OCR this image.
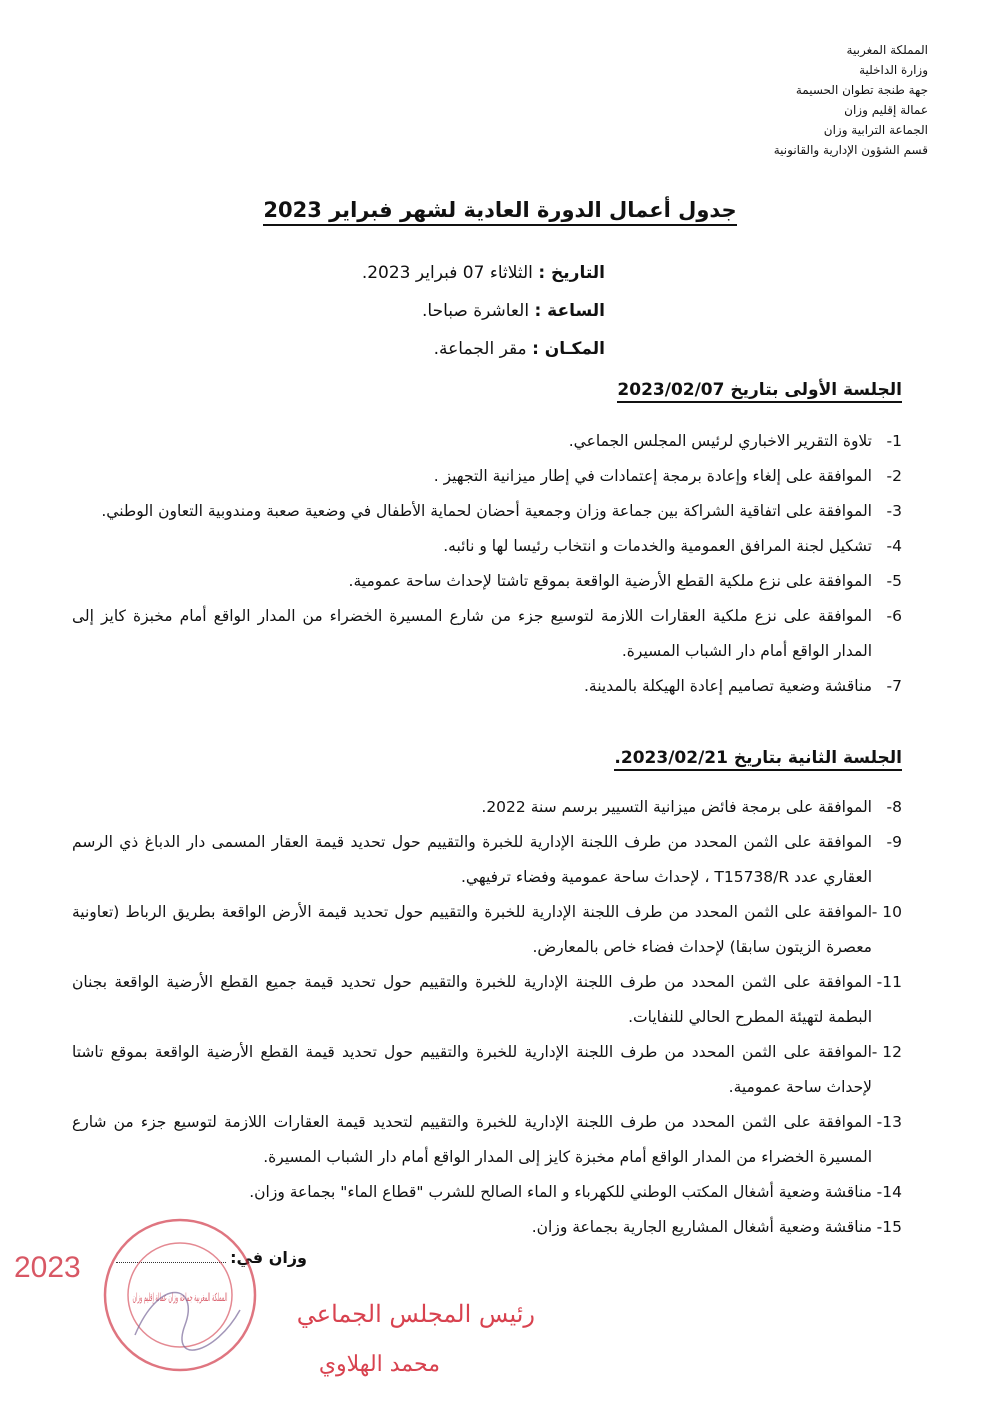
المملكة المغربية
وزارة الداخلية
جهة طنجة تطوان الحسيمة
عمالة إقليم وزان
الجماعة الترابية وزان
قسم الشؤون الإدارية والقانونية
جدول أعمال الدورة العادية لشهر فبراير 2023
التاريخ : الثلاثاء 07 فبراير 2023.
الساعة : العاشرة صباحا.
المكـان : مقر الجماعة.
الجلسة الأولى بتاريخ 2023/02/07
1-
تلاوة التقرير الاخباري لرئيس المجلس الجماعي.
2-
الموافقة على إلغاء وإعادة برمجة إعتمادات في إطار ميزانية التجهيز .
3-
الموافقة على اتفاقية الشراكة بين جماعة وزان وجمعية أحضان لحماية الأطفال في وضعية صعبة ومندوبية التعاون الوطني.
4-
تشكيل لجنة المرافق العمومية والخدمات و انتخاب رئيسا لها و نائبه.
5-
الموافقة على نزع ملكية القطع الأرضية الواقعة بموقع تاشتا لإحداث ساحة عمومية.
6-
الموافقة على نزع ملكية العقارات اللازمة لتوسيع جزء من شارع المسيرة الخضراء من المدار الواقع أمام مخبزة كايز إلى المدار الواقع أمام دار الشباب المسيرة.
7-
مناقشة وضعية تصاميم إعادة الهيكلة بالمدينة.
الجلسة الثانية بتاريخ 2023/02/21.
8-
الموافقة على برمجة فائض ميزانية التسيير برسم سنة 2022.
9-
الموافقة على الثمن المحدد من طرف اللجنة الإدارية للخبرة والتقييم حول تحديد قيمة العقار المسمى دار الدباغ ذي الرسم العقاري عدد T15738/R ، لإحداث ساحة عمومية وفضاء ترفيهي.
10 -
الموافقة على الثمن المحدد من طرف اللجنة الإدارية للخبرة والتقييم حول تحديد قيمة الأرض الواقعة بطريق الرباط (تعاونية معصرة الزيتون سابقا) لإحداث فضاء خاص بالمعارض.
11-
الموافقة على الثمن المحدد من طرف اللجنة الإدارية للخبرة والتقييم حول تحديد قيمة جميع القطع الأرضية الواقعة بجنان البطمة لتهيئة المطرح الحالي للنفايات.
12 -
الموافقة على الثمن المحدد من طرف اللجنة الإدارية للخبرة والتقييم حول تحديد قيمة القطع الأرضية الواقعة بموقع تاشتا لإحداث ساحة عمومية.
13-
الموافقة على الثمن المحدد من طرف اللجنة الإدارية للخبرة والتقييم لتحديد قيمة العقارات اللازمة لتوسيع جزء من شارع المسيرة الخضراء من المدار الواقع أمام مخبزة كايز إلى المدار الواقع أمام دار الشباب المسيرة.
14-
مناقشة وضعية أشغال المكتب الوطني للكهرباء و الماء الصالح للشرب "قطاع الماء" بجماعة وزان.
15-
مناقشة وضعية أشغال المشاريع الجارية بجماعة وزان.
وزان في:
رئيس المجلس الجماعي
محمد الهلاوي
2023
المملكة المغربية جماعة وزان عمالة إقليم وزان
